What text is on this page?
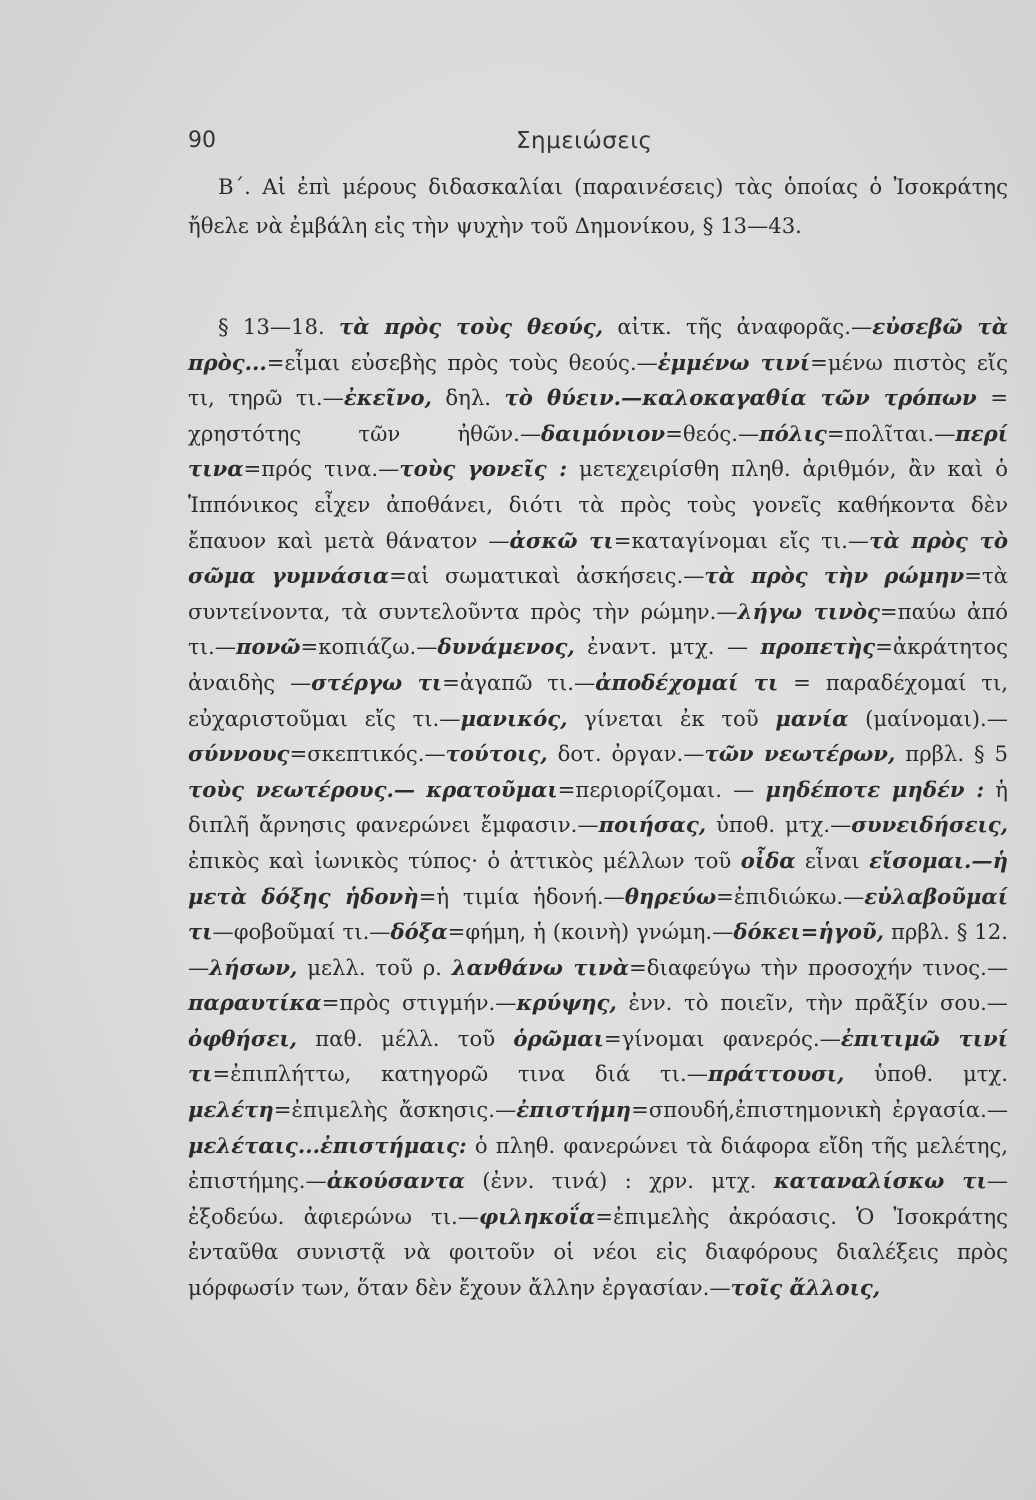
90	Σημειώσεις

Β΄. Αἱ ἐπὶ μέρους διδασκαλίαι (παραινέσεις) τὰς ὁποίας ὁ Ἰσοκράτης ἤθελε νὰ ἐμβάλη εἰς τὴν ψυχὴν τοῦ Δημονίκου, § 13—43.

§ 13—18. τὰ πρὸς τοὺς θεούς, αἰτκ. τῆς ἀναφορᾶς.—εὐσεβῶ τὰ πρὸς...=εἶμαι εὐσεβὴς πρὸς τοὺς θεούς.—ἐμμένω τινί=μένω πιστὸς εἴς τι, τηρῶ τι.—ἐκεῖνο, δηλ. τὸ θύειν.—καλοκαγαθία τῶν τρόπων = χρηστότης τῶν ἠθῶν.—δαιμόνιον=θεός.—πόλις=πολῖται.—περί τινα=πρός τινα.—τοὺς γονεῖς : μετεχειρίσθη πληθ. ἀριθμόν, ἂν καὶ ὁ Ἱππόνικος εἶχεν ἀποθάνει, διότι τὰ πρὸς τοὺς γονεῖς καθήκοντα δὲν ἔπαυον καὶ μετὰ θάνατον —ἀσκῶ τι=καταγίνομαι εἴς τι.—τὰ πρὸς τὸ σῶμα γυμνάσια=αἱ σωματικαὶ ἀσκήσεις.—τὰ πρὸς τὴν ρώμην=τὰ συντείνοντα, τὰ συντελοῦντα πρὸς τὴν ρώμην.—λήγω τινὸς=παύω ἀπό τι.—πονῶ=κοπιάζω.—δυνάμενος, ἐναντ. μτχ. — προπετὴς=ἀκράτητος ἀναιδὴς —στέργω τι=ἀγαπῶ τι.—ἀποδέχομαί τι = παραδέχομαί τι, εὐχαριστοῦμαι εἴς τι.—μανικός, γίνεται ἐκ τοῦ μανία (μαίνομαι).—σύννους=σκεπτικός.—τούτοις, δοτ. ὀργαν.—τῶν νεωτέρων, πρβλ. § 5 τοὺς νεωτέρους.— κρατοῦμαι=περιορίζομαι. — μηδέποτε μηδέν : ἡ διπλῆ ἄρνησις φανερώνει ἔμφασιν.—ποιήσας, ὑποθ. μτχ.—συνειδήσεις, ἐπικὸς καὶ ἰωνικὸς τύπος· ὁ ἀττικὸς μέλλων τοῦ οἶδα εἶναι εἴσομαι.—ἡ μετὰ δόξης ἡδονὴ=ἡ τιμία ἡδονή.—θηρεύω=ἐπιδιώκω.—εὐλαβοῦμαί τι—φοβοῦμαί τι.—δόξα=φήμη, ἡ (κοινὴ) γνώμη.—δόκει=ἡγοῦ, πρβλ. § 12.—λήσων, μελλ. τοῦ ρ. λανθάνω τινὰ=διαφεύγω τὴν προσοχήν τινος.—παραυτίκα=πρὸς στιγμήν.—κρύψης, ἐνν. τὸ ποιεῖν, τὴν πρᾶξίν σου.—ὀφθήσει, παθ. μέλλ. τοῦ ὁρῶμαι=γίνομαι φανερός.—ἐπιτιμῶ τινί τι=ἐπιπλήττω, κατηγορῶ τινα διά τι.—πράττουσι, ὑποθ. μτχ. μελέτη=ἐπιμελὴς ἄσκησις.—ἐπιστήμη=σπουδή,ἐπιστημονικὴ ἐργασία.—μελέταις...ἐπιστήμαις: ὁ πληθ. φανερώνει τὰ διάφορα εἴδη τῆς μελέτης, ἐπιστήμης.—ἀκούσαντα (ἐνν. τινά) : χρν. μτχ. καταναλίσκω τι—ἐξοδεύω. ἀφιερώνω τι.—φιληκοΐα=ἐπιμελὴς ἀκρόασις. Ὁ Ἰσοκράτης ἐνταῦθα συνιστᾷ νὰ φοιτοῦν οἱ νέοι εἰς διαφόρους διαλέξεις πρὸς μόρφωσίν των, ὅταν δὲν ἔχουν ἄλλην ἐργασίαν.—τοῖς ἄλλοις,
